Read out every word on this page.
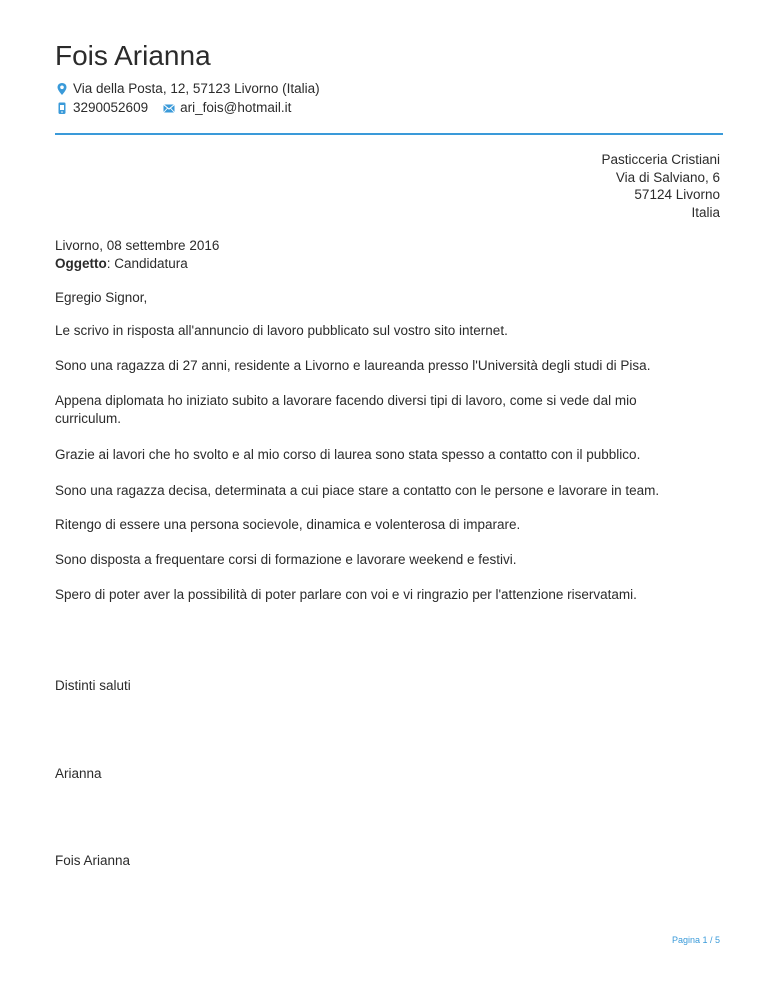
Fois Arianna
Via della Posta, 12, 57123 Livorno (Italia)
3290052609 ari_fois@hotmail.it
Pasticceria Cristiani
Via di Salviano, 6
57124 Livorno
Italia
Livorno, 08 settembre 2016
Oggetto: Candidatura
Egregio Signor,
Le scrivo in risposta all'annuncio di lavoro pubblicato sul vostro sito internet.
Sono una ragazza di 27 anni, residente a Livorno e laureanda presso l'Università degli studi di Pisa.
Appena diplomata ho iniziato subito a lavorare facendo diversi tipi di lavoro, come si vede dal mio curriculum.
Grazie ai lavori che ho svolto e al mio corso di laurea sono stata spesso a contatto con il pubblico.
Sono una ragazza decisa, determinata a cui piace stare a contatto con le persone e lavorare in team.
Ritengo di essere una persona socievole, dinamica e volenterosa di imparare.
Sono disposta a frequentare corsi di formazione e lavorare weekend e festivi.
Spero di poter aver la possibilità di poter parlare con voi e vi ringrazio per l'attenzione riservatami.
Distinti saluti
Arianna
Fois Arianna
Pagina 1 / 5
